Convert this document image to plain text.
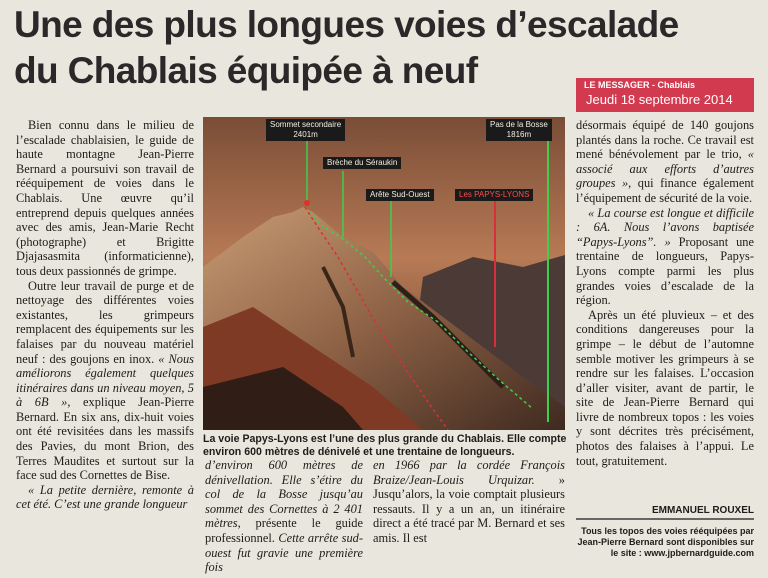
Une des plus longues voies d’escalade
du Chablais équipée à neuf	LE MESSAGER - Chablais
Jeudi 18 septembre 2014

Bien connu dans le milieu de l’escalade chablaisien, le guide de haute montagne Jean-Pierre Bernard a poursuivi son travail de rééquipement de voies dans le Chablais. Une œuvre qu’il entreprend depuis quelques années avec des amis, Jean-Marie Recht (photographe) et Brigitte Djajasasmita (informaticienne), tous deux passionnés de grimpe.

Outre leur travail de purge et de nettoyage des différentes voies existantes, les grimpeurs remplacent des équipements sur les falaises par du nouveau matériel neuf : des goujons en inox. « Nous améliorons également quelques itinéraires dans un niveau moyen, 5 à 6B », explique Jean-Pierre Bernard. En six ans, dix-huit voies ont été revisitées dans les massifs des Pavies, du mont Brion, des Terres Maudites et surtout sur la face sud des Cornettes de Bise.

« La petite dernière, remonte à cet été. C’est une grande longueur

Sommet secondaire
2401m
Brèche du Séraukin
Arête Sud-Ouest	Les PAPYS-LYONS
Pas de la Bosse
1816m
La voie Papys-Lyons est l’une des plus grande du Chablais. Elle compte environ 600 mètres de dénivelé et une trentaine de longueurs.

d’environ 600 mètres de dénivellation. Elle s’étire du col de la Bosse jusqu’au sommet des Cornettes à 2 401 mètres, présente le guide professionnel. Cette arrête sud-ouest fut gravie une première fois

en 1966 par la cordée François Braize/Jean-Louis Urquizar. » Jusqu’alors, la voie comptait plusieurs ressauts. Il y a un an, un itinéraire direct a été tracé par M. Bernard et ses amis. Il est

désormais équipé de 140 goujons plantés dans la roche. Ce travail est mené bénévolement par le trio, « associé aux efforts d’autres groupes », qui finance également l’équipement de sécurité de la voie.

« La course est longue et difficile : 6A. Nous l’avons baptisée “Papys-Lyons”. » Proposant une trentaine de longueurs, Papys-Lyons compte parmi les plus grandes voies d’escalade de la région.

Après un été pluvieux – et des conditions dangereuses pour la grimpe – le début de l’automne semble motiver les grimpeurs à se rendre sur les falaises. L’occasion d’aller visiter, avant de partir, le site de Jean-Pierre Bernard qui livre de nombreux topos : les voies y sont décrites très précisément, photos des falaises à l’appui. Le tout, gratuitement.

EMMANUEL ROUXEL
Tous les topos des voies rééquipées par Jean-Pierre Bernard sont disponibles sur le site : www.jpbernardguide.com
